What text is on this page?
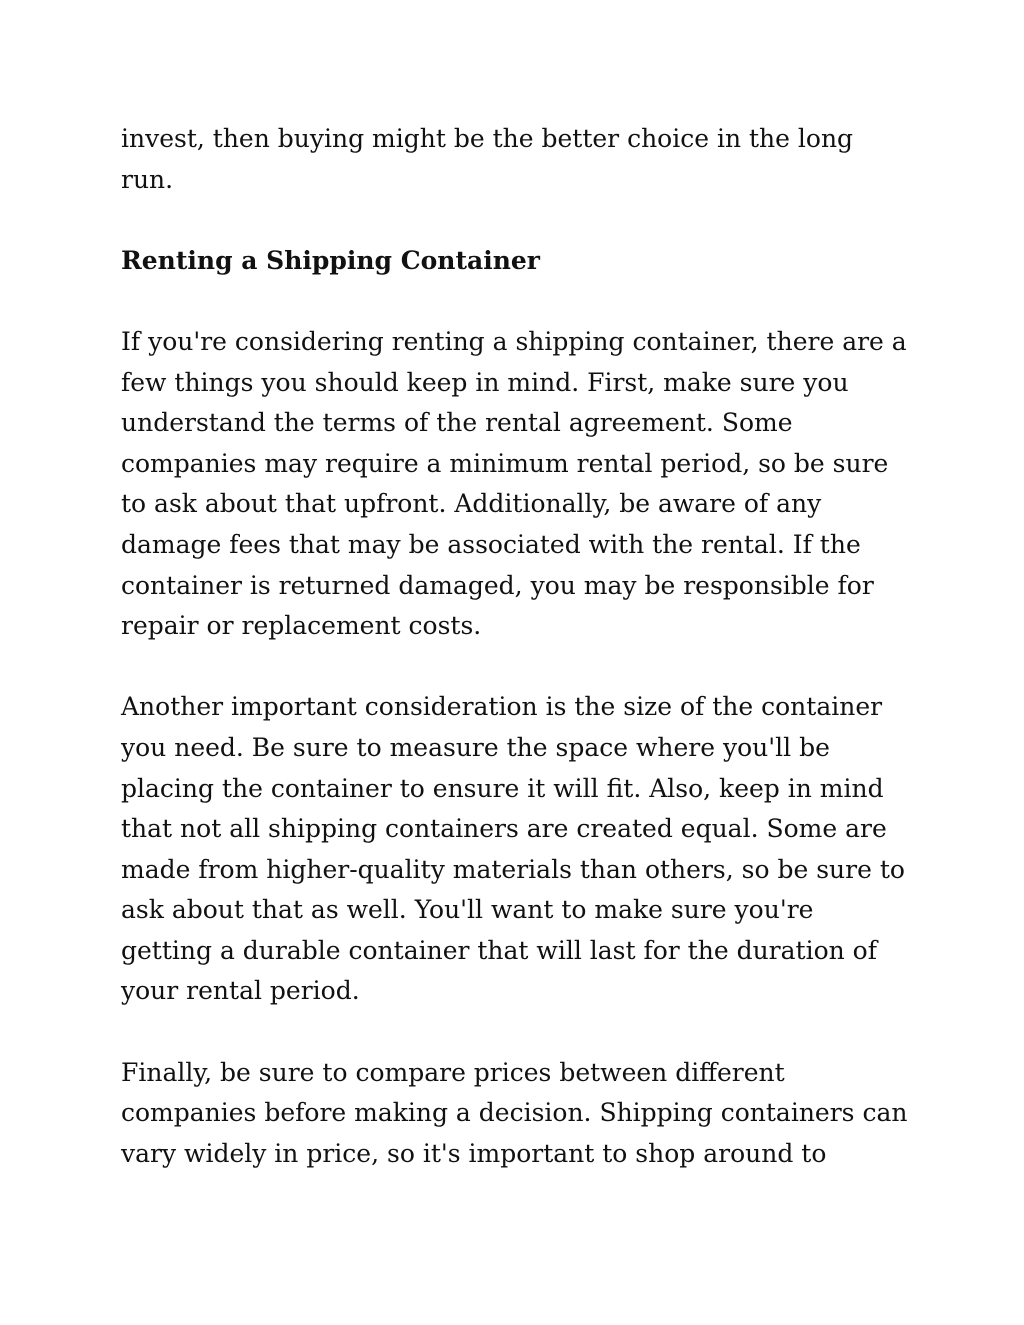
invest, then buying might be the better choice in the long run.

Renting a Shipping Container

If you're considering renting a shipping container, there are a few things you should keep in mind. First, make sure you understand the terms of the rental agreement. Some companies may require a minimum rental period, so be sure to ask about that upfront. Additionally, be aware of any damage fees that may be associated with the rental. If the container is returned damaged, you may be responsible for repair or replacement costs.

Another important consideration is the size of the container you need. Be sure to measure the space where you'll be placing the container to ensure it will fit. Also, keep in mind that not all shipping containers are created equal. Some are made from higher-quality materials than others, so be sure to ask about that as well. You'll want to make sure you're getting a durable container that will last for the duration of your rental period.

Finally, be sure to compare prices between different companies before making a decision. Shipping containers can vary widely in price, so it's important to shop around to
